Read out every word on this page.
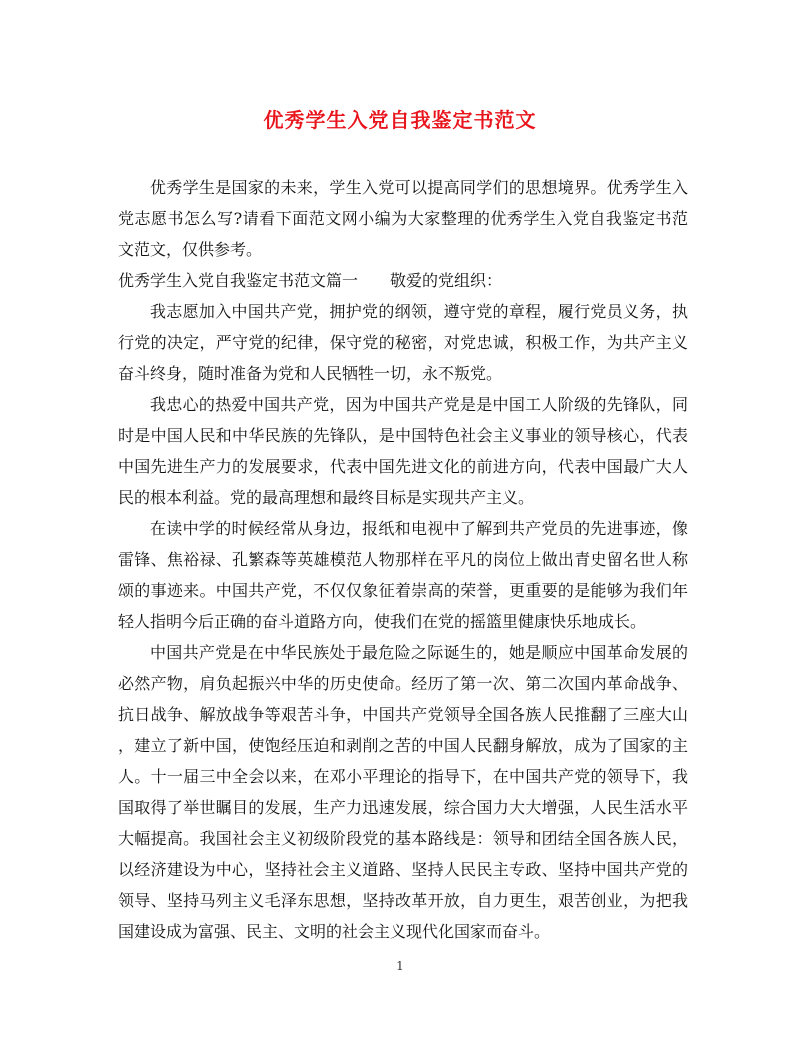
优秀学生入党自我鉴定书范文
优秀学生是国家的未来，学生入党可以提高同学们的思想境界。优秀学生入
党志愿书怎么写?请看下面范文网小编为大家整理的优秀学生入党自我鉴定书范
文范文，仅供参考。
优秀学生入党自我鉴定书范文篇一　　敬爱的党组织：
我志愿加入中国共产党，拥护党的纲领，遵守党的章程，履行党员义务，执
行党的决定，严守党的纪律，保守党的秘密，对党忠诚，积极工作，为共产主义
奋斗终身，随时准备为党和人民牺牲一切，永不叛党。
我忠心的热爱中国共产党，因为中国共产党是是中国工人阶级的先锋队，同
时是中国人民和中华民族的先锋队，是中国特色社会主义事业的领导核心，代表
中国先进生产力的发展要求，代表中国先进文化的前进方向，代表中国最广大人
民的根本利益。党的最高理想和最终目标是实现共产主义。
在读中学的时候经常从身边，报纸和电视中了解到共产党员的先进事迹，像
雷锋、焦裕禄、孔繁森等英雄模范人物那样在平凡的岗位上做出青史留名世人称
颂的事迹来。中国共产党，不仅仅象征着崇高的荣誉，更重要的是能够为我们年
轻人指明今后正确的奋斗道路方向，使我们在党的摇篮里健康快乐地成长。
中国共产党是在中华民族处于最危险之际诞生的，她是顺应中国革命发展的
必然产物，肩负起振兴中华的历史使命。经历了第一次、第二次国内革命战争、
抗日战争、解放战争等艰苦斗争，中国共产党领导全国各族人民推翻了三座大山
，建立了新中国，使饱经压迫和剥削之苦的中国人民翻身解放，成为了国家的主
人。十一届三中全会以来，在邓小平理论的指导下，在中国共产党的领导下，我
国取得了举世瞩目的发展，生产力迅速发展，综合国力大大增强，人民生活水平
大幅提高。我国社会主义初级阶段党的基本路线是：领导和团结全国各族人民，
以经济建设为中心，坚持社会主义道路、坚持人民民主专政、坚持中国共产党的
领导、坚持马列主义毛泽东思想，坚持改革开放，自力更生，艰苦创业，为把我
国建设成为富强、民主、文明的社会主义现代化国家而奋斗。
1
